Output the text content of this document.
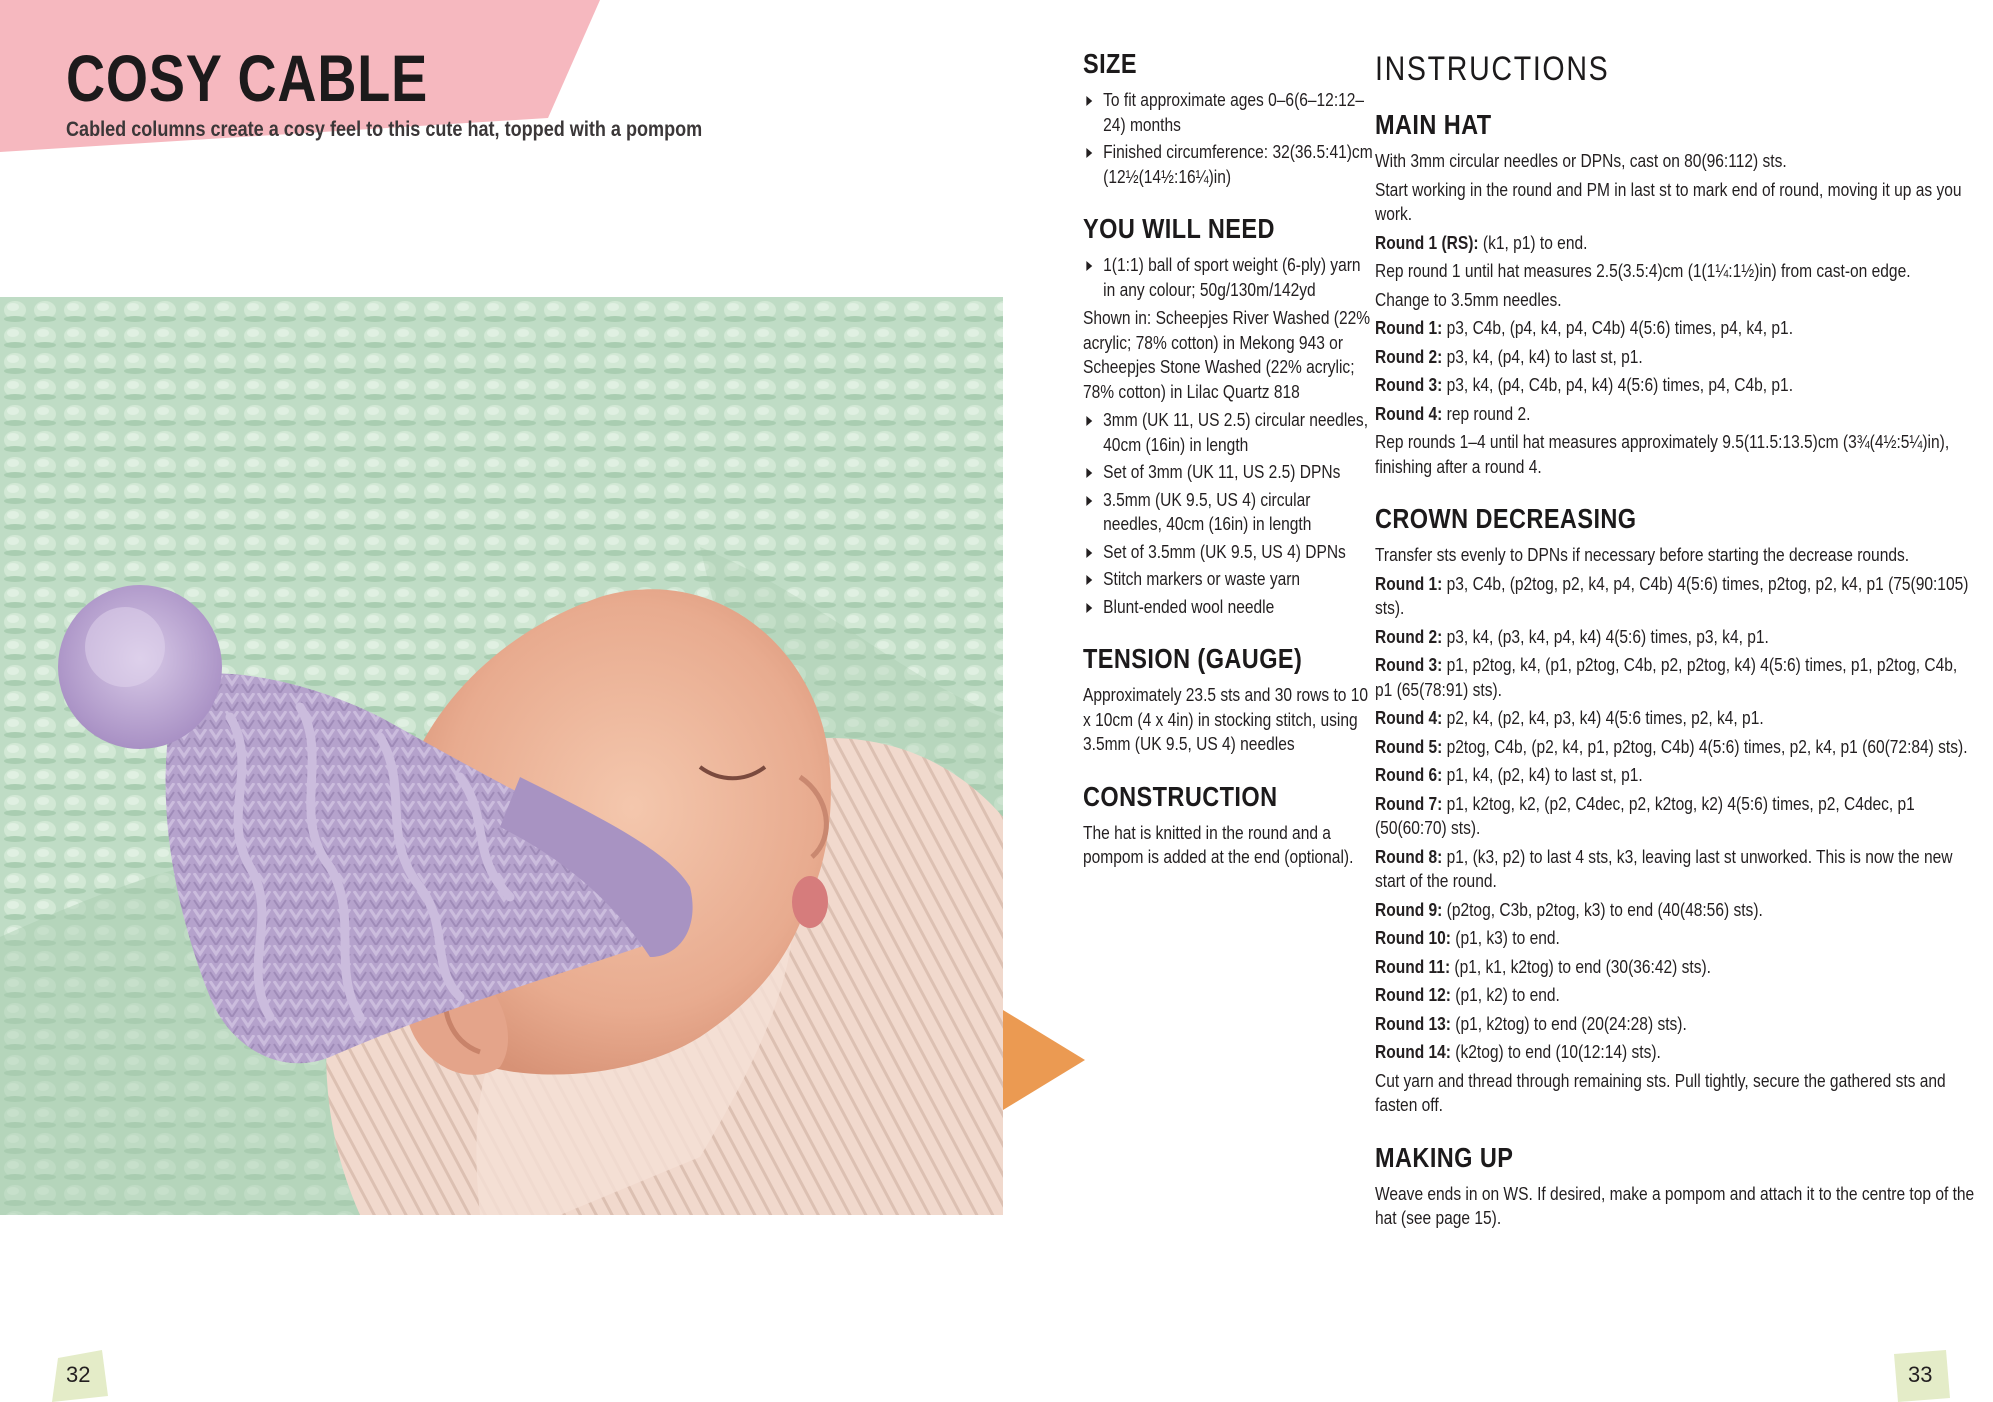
COSY CABLE

Cabled columns create a cosy feel to this cute hat, topped with a pompom

SIZE
To fit approximate ages 0–6(6–12:12–24) months
Finished circumference: 32(36.5:41)cm (12½(14½:16¼)in)
YOU WILL NEED
1(1:1) ball of sport weight (6-ply) yarn in any colour; 50g/130m/142yd

Shown in: Scheepjes River Washed (22% acrylic; 78% cotton) in Mekong 943 or Scheepjes Stone Washed (22% acrylic; 78% cotton) in Lilac Quartz 818

3mm (UK 11, US 2.5) circular needles, 40cm (16in) in length
Set of 3mm (UK 11, US 2.5) DPNs
3.5mm (UK 9.5, US 4) circular needles, 40cm (16in) in length
Set of 3.5mm (UK 9.5, US 4) DPNs
Stitch markers or waste yarn
Blunt-ended wool needle
TENSION (GAUGE)

Approximately 23.5 sts and 30 rows to 10 x 10cm (4 x 4in) in stocking stitch, using 3.5mm (UK 9.5, US 4) needles

CONSTRUCTION

The hat is knitted in the round and a pompom is added at the end (optional).

INSTRUCTIONS
MAIN HAT

With 3mm circular needles or DPNs, cast on 80(96:112) sts.

Start working in the round and PM in last st to mark end of round, moving it up as you work.

Round 1 (RS): (k1, p1) to end.

Rep round 1 until hat measures 2.5(3.5:4)cm (1(1¼:1½)in) from cast-on edge.

Change to 3.5mm needles.

Round 1: p3, C4b, (p4, k4, p4, C4b) 4(5:6) times, p4, k4, p1.

Round 2: p3, k4, (p4, k4) to last st, p1.

Round 3: p3, k4, (p4, C4b, p4, k4) 4(5:6) times, p4, C4b, p1.

Round 4: rep round 2.

Rep rounds 1–4 until hat measures approximately 9.5(11.5:13.5)cm (3¾(4½:5¼)in), finishing after a round 4.

CROWN DECREASING

Transfer sts evenly to DPNs if necessary before starting the decrease rounds.

Round 1: p3, C4b, (p2tog, p2, k4, p4, C4b) 4(5:6) times, p2tog, p2, k4, p1 (75(90:105) sts).

Round 2: p3, k4, (p3, k4, p4, k4) 4(5:6) times, p3, k4, p1.

Round 3: p1, p2tog, k4, (p1, p2tog, C4b, p2, p2tog, k4) 4(5:6) times, p1, p2tog, C4b, p1 (65(78:91) sts).

Round 4: p2, k4, (p2, k4, p3, k4) 4(5:6 times, p2, k4, p1.

Round 5: p2tog, C4b, (p2, k4, p1, p2tog, C4b) 4(5:6) times, p2, k4, p1 (60(72:84) sts).

Round 6: p1, k4, (p2, k4) to last st, p1.

Round 7: p1, k2tog, k2, (p2, C4dec, p2, k2tog, k2) 4(5:6) times, p2, C4dec, p1 (50(60:70) sts).

Round 8: p1, (k3, p2) to last 4 sts, k3, leaving last st unworked. This is now the new start of the round.

Round 9: (p2tog, C3b, p2tog, k3) to end (40(48:56) sts).

Round 10: (p1, k3) to end.

Round 11: (p1, k1, k2tog) to end (30(36:42) sts).

Round 12: (p1, k2) to end.

Round 13: (p1, k2tog) to end (20(24:28) sts).

Round 14: (k2tog) to end (10(12:14) sts).

Cut yarn and thread through remaining sts. Pull tightly, secure the gathered sts and fasten off.

MAKING UP

Weave ends in on WS. If desired, make a pompom and attach it to the centre top of the hat (see page 15).

32	33
